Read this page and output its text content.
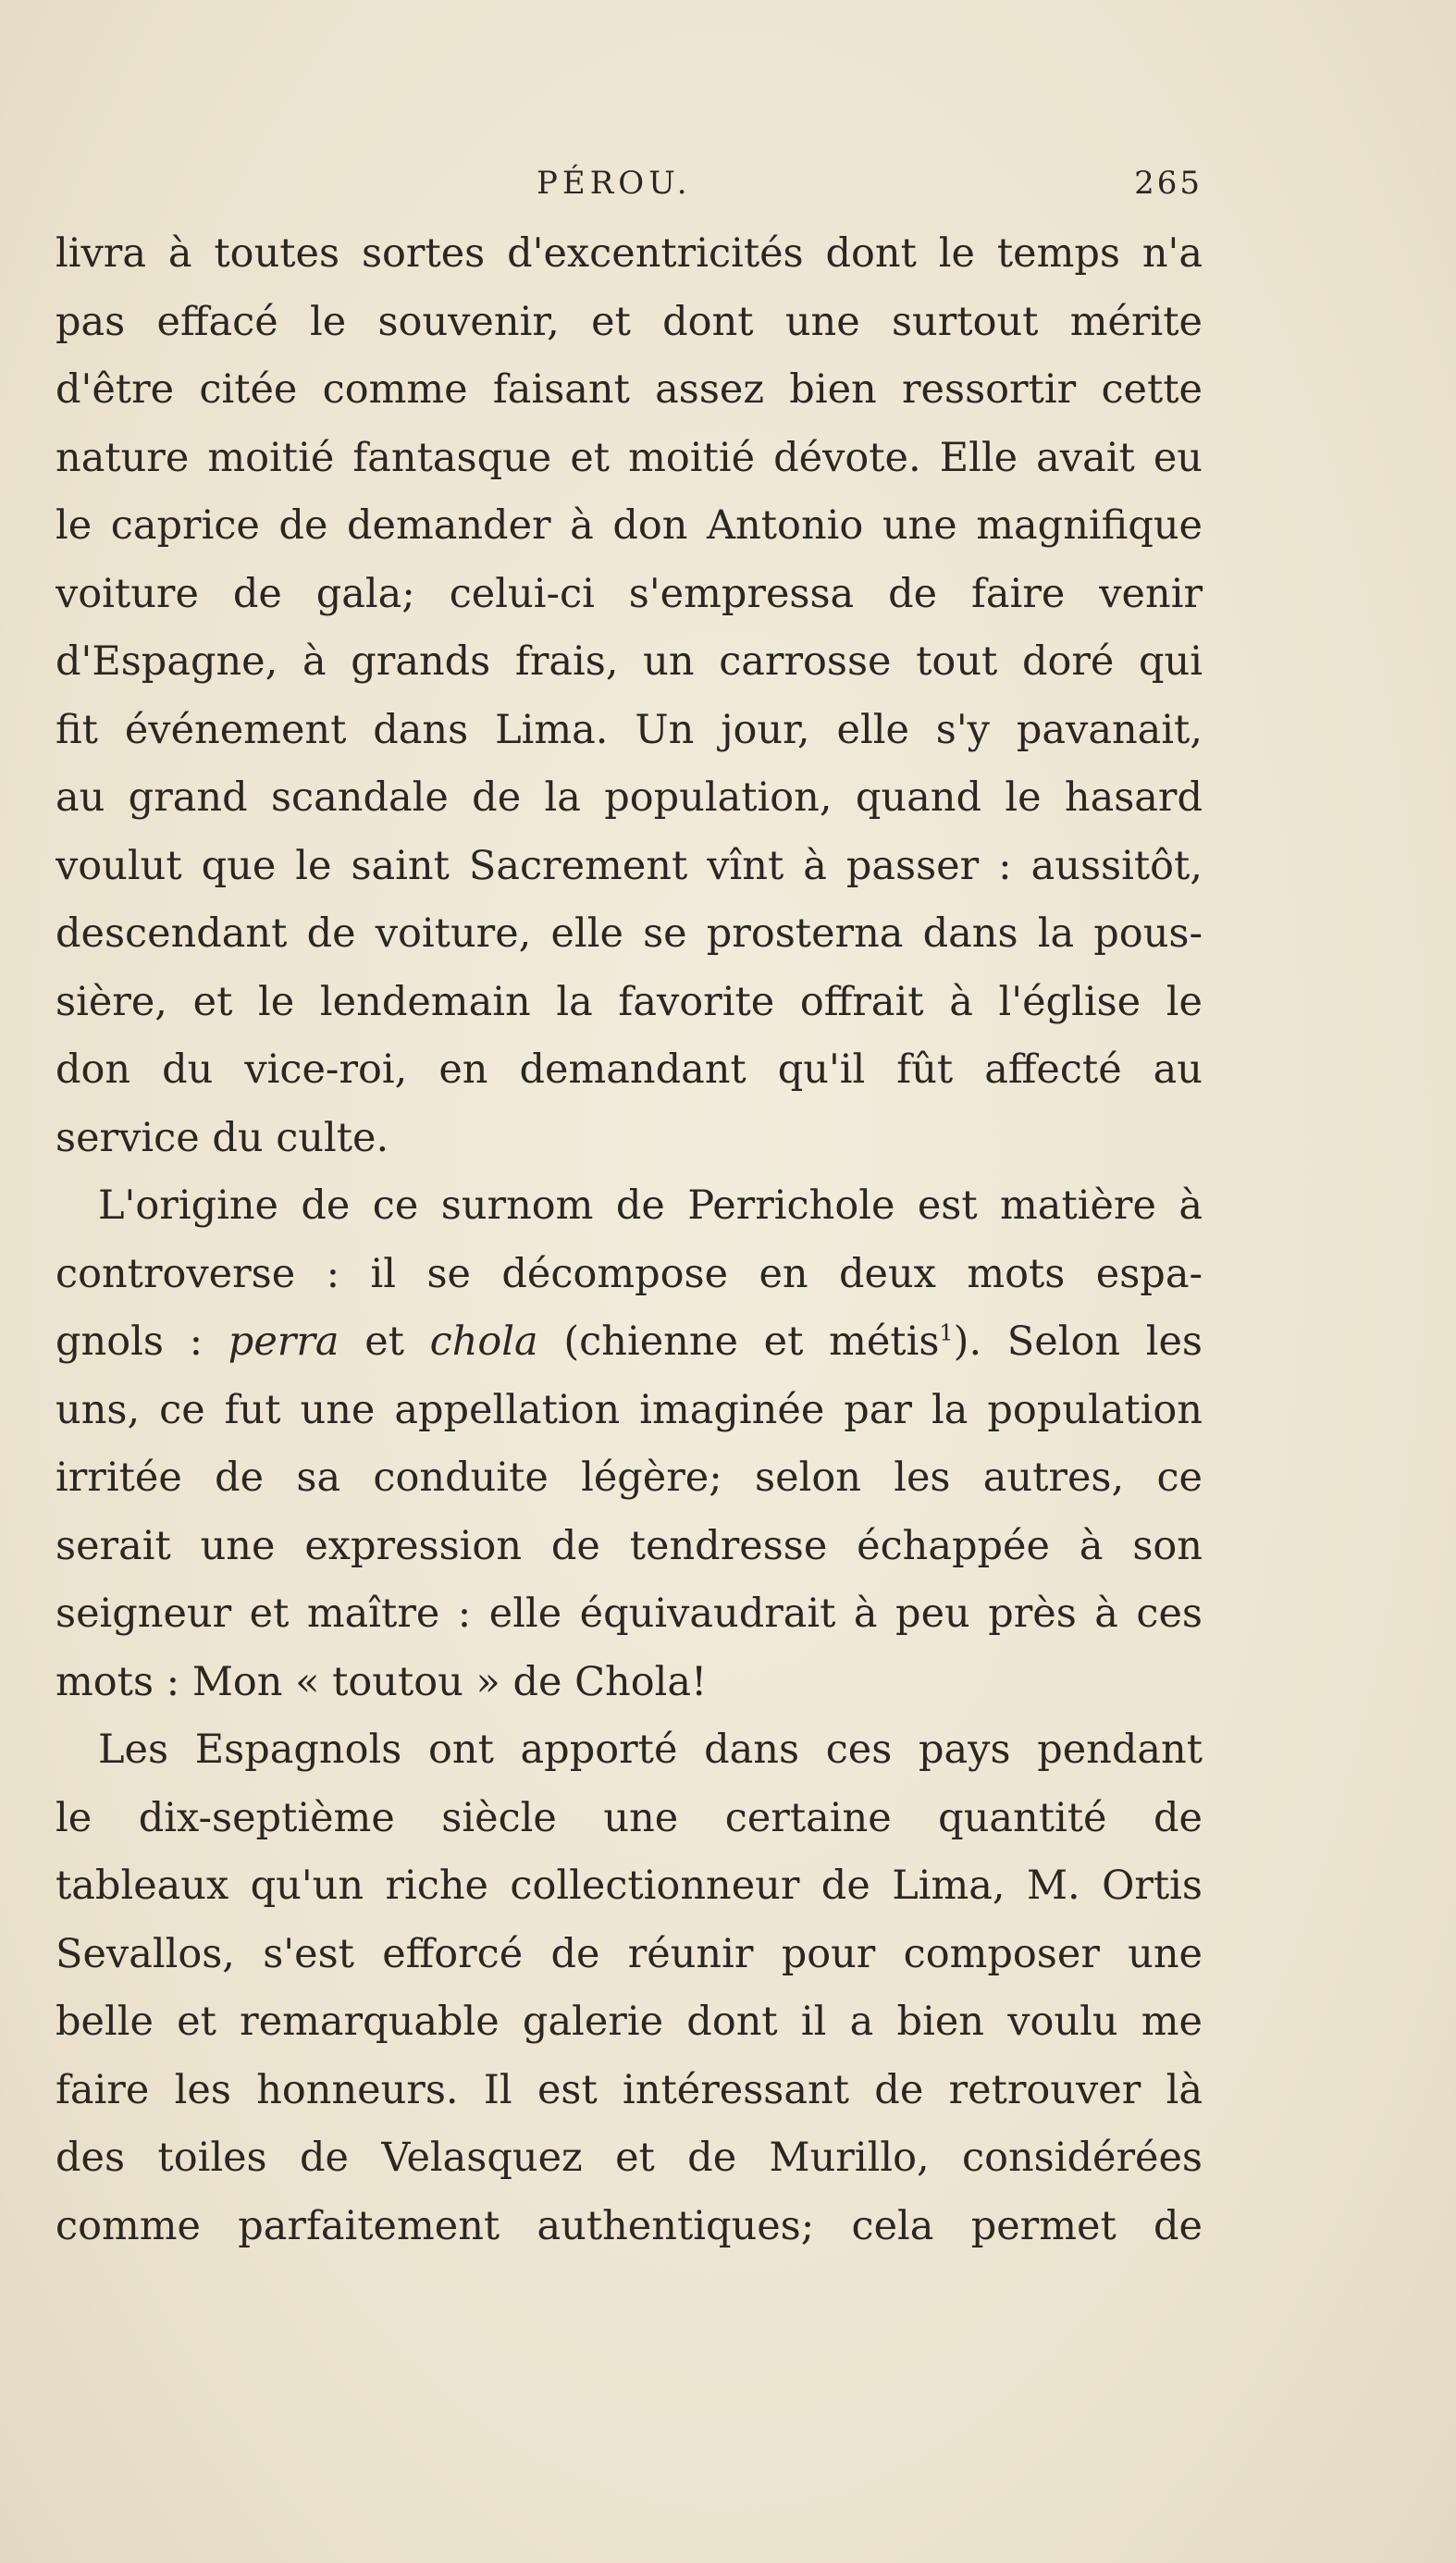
PÉROU.	265
livra à toutes sortes d'excentricités dont le temps n'a
pas effacé le souvenir, et dont une surtout mérite
d'être citée comme faisant assez bien ressortir cette
nature moitié fantasque et moitié dévote. Elle avait eu
le caprice de demander à don Antonio une magnifique
voiture de gala; celui-ci s'empressa de faire venir
d'Espagne, à grands frais, un carrosse tout doré qui
fit événement dans Lima. Un jour, elle s'y pavanait,
au grand scandale de la population, quand le hasard
voulut que le saint Sacrement vînt à passer : aussitôt,
descendant de voiture, elle se prosterna dans la pous-
sière, et le lendemain la favorite offrait à l'église le
don du vice-roi, en demandant qu'il fût affecté au
service du culte.
L'origine de ce surnom de Perrichole est matière à
controverse : il se décompose en deux mots espa-
gnols : perra et chola (chienne et métis$^1$). Selon les
uns, ce fut une appellation imaginée par la population
irritée de sa conduite légère; selon les autres, ce
serait une expression de tendresse échappée à son
seigneur et maître : elle équivaudrait à peu près à ces
mots : Mon « toutou » de Chola!
Les Espagnols ont apporté dans ces pays pendant
le dix-septième siècle une certaine quantité de
tableaux qu'un riche collectionneur de Lima, M. Ortis
Sevallos, s'est efforcé de réunir pour composer une
belle et remarquable galerie dont il a bien voulu me
faire les honneurs. Il est intéressant de retrouver là
des toiles de Velasquez et de Murillo, considérées
comme parfaitement authentiques; cela permet de
